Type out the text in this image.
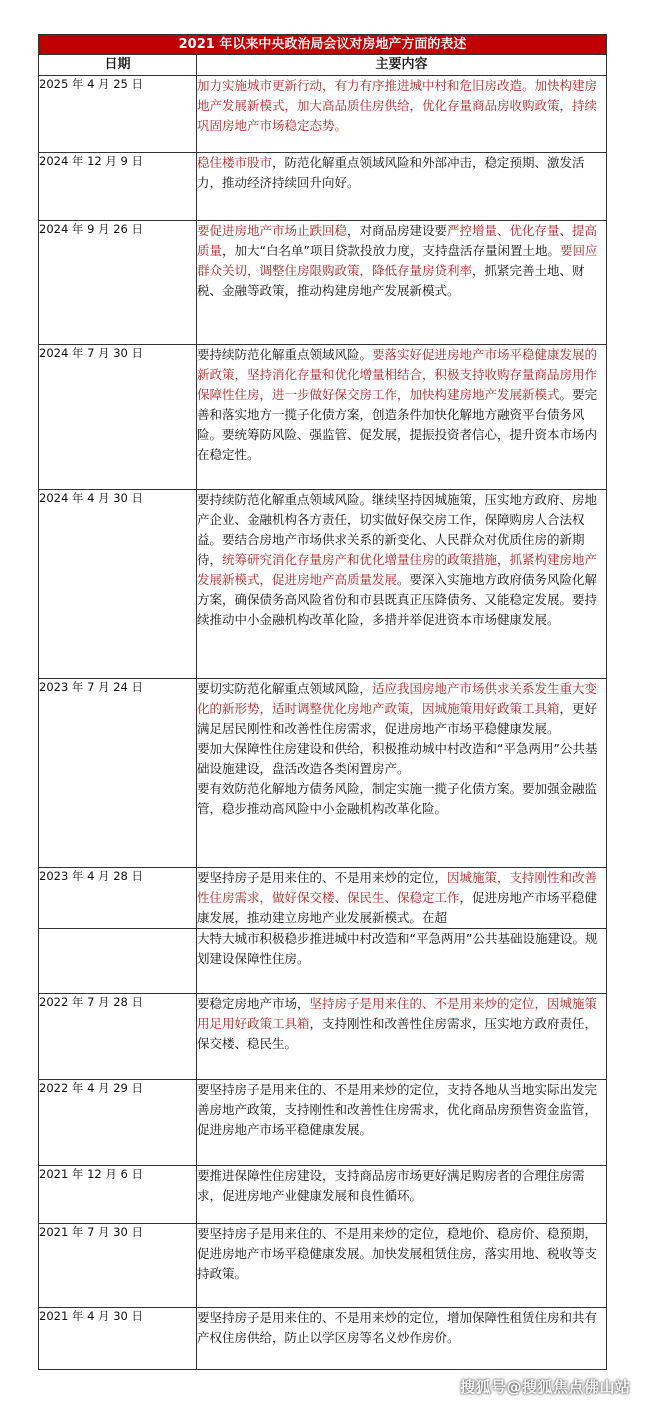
2021 年以来中央政治局会议对房地产方面的表述	
日期	主要内容
2025 年 4 月 25 日	加力实施城市更新行动，有力有序推进城中村和危旧房改造。加快构建房地产发展新模式，加大高品质住房供给，优化存量商品房收购政策，持续巩固房地产市场稳定态势。

2024 年 12 月 9 日	稳住楼市股市，防范化解重点领域风险和外部冲击，稳定预期、激发活力，推动经济持续回升向好。

2024 年 9 月 26 日	要促进房地产市场止跌回稳，对商品房建设要严控增量、优化存量、提高质量，加大“白名单”项目贷款投放力度，支持盘活存量闲置土地。要回应群众关切，调整住房限购政策，降低存量房贷利率，抓紧完善土地、财税、金融等政策，推动构建房地产发展新模式。

2024 年 7 月 30 日	要持续防范化解重点领域风险。要落实好促进房地产市场平稳健康发展的新政策，坚持消化存量和优化增量相结合，积极支持收购存量商品房用作保障性住房，进一步做好保交房工作，加快构建房地产发展新模式。要完善和落实地方一揽子化债方案，创造条件加快化解地方融资平台债务风险。要统筹防风险、强监管、促发展，提振投资者信心，提升资本市场内在稳定性。

2024 年 4 月 30 日	要持续防范化解重点领域风险。继续坚持因城施策，压实地方政府、房地产企业、金融机构各方责任，切实做好保交房工作，保障购房人合法权益。要结合房地产市场供求关系的新变化、人民群众对优质住房的新期待，统筹研究消化存量房产和优化增量住房的政策措施，抓紧构建房地产发展新模式，促进房地产高质量发展。要深入实施地方政府债务风险化解方案，确保债务高风险省份和市县既真正压降债务、又能稳定发展。要持续推动中小金融机构改革化险，多措并举促进资本市场健康发展。

2023 年 7 月 24 日	要切实防范化解重点领域风险，适应我国房地产市场供求关系发生重大变化的新形势，适时调整优化房地产政策，因城施策用好政策工具箱，更好满足居民刚性和改善性住房需求，促进房地产市场平稳健康发展。
要加大保障性住房建设和供给，积极推动城中村改造和“平急两用”公共基础设施建设，盘活改造各类闲置房产。
要有效防范化解地方债务风险，制定实施一揽子化债方案。要加强金融监管，稳步推动高风险中小金融机构改革化险。

2023 年 4 月 28 日	要坚持房子是用来住的、不是用来炒的定位，因城施策，支持刚性和改善性住房需求，做好保交楼、保民生、保稳定工作，促进房地产市场平稳健康发展，推动建立房地产业发展新模式。在超

	大特大城市积极稳步推进城中村改造和“平急两用”公共基础设施建设。规划建设保障性住房。

2022 年 7 月 28 日	要稳定房地产市场，坚持房子是用来住的、不是用来炒的定位，因城施策用足用好政策工具箱，支持刚性和改善性住房需求，压实地方政府责任，保交楼、稳民生。

2022 年 4 月 29 日	要坚持房子是用来住的、不是用来炒的定位，支持各地从当地实际出发完善房地产政策，支持刚性和改善性住房需求，优化商品房预售资金监管，促进房地产市场平稳健康发展。

2021 年 12 月 6 日	要推进保障性住房建设，支持商品房市场更好满足购房者的合理住房需求，促进房地产业健康发展和良性循环。

2021 年 7 月 30 日	要坚持房子是用来住的、不是用来炒的定位，稳地价、稳房价、稳预期，促进房地产市场平稳健康发展。加快发展租赁住房，落实用地、税收等支持政策。

2021 年 4 月 30 日	要坚持房子是用来住的、不是用来炒的定位，增加保障性租赁住房和共有产权住房供给，防止以学区房等名义炒作房价。
搜狐号@搜狐焦点佛山站
